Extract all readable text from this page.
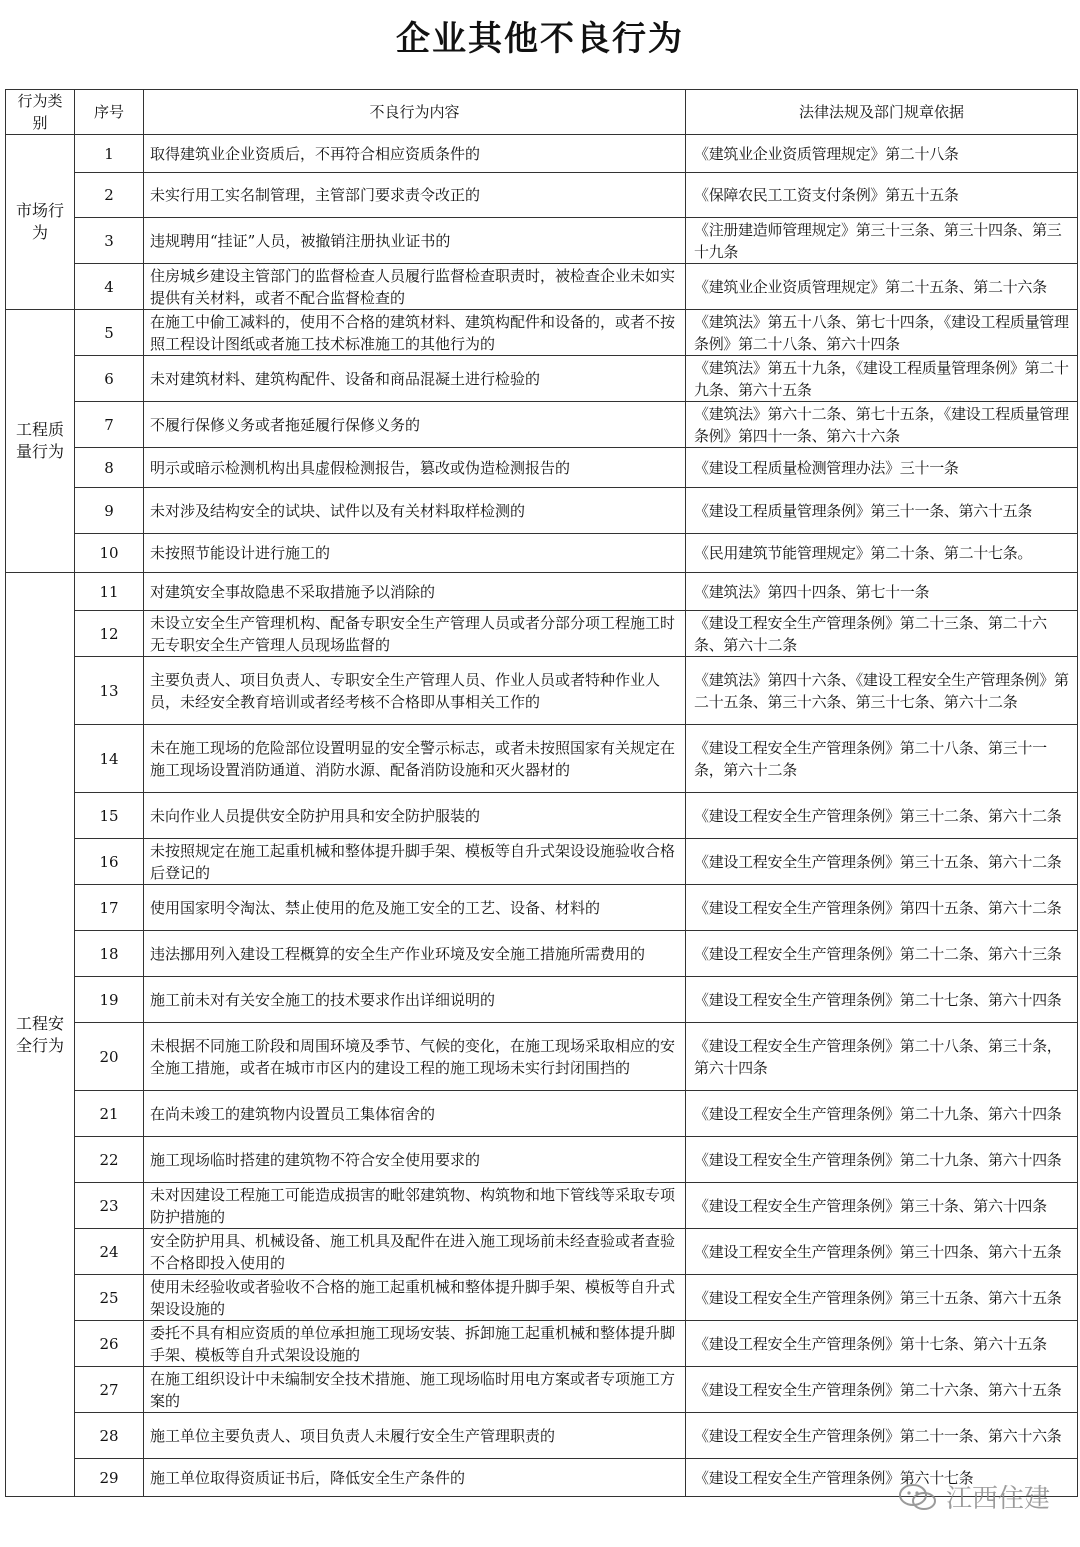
企业其他不良行为
行为类别	序号	不良行为内容	法律法规及部门规章依据
市场行为	1	取得建筑业企业资质后，不再符合相应资质条件的	《建筑业企业资质管理规定》第二十八条
	2	未实行用工实名制管理，主管部门要求责令改正的	《保障农民工工资支付条例》第五十五条
	3	违规聘用“挂证”人员，被撤销注册执业证书的	《注册建造师管理规定》第三十三条、第三十四条、第三十九条
	4	住房城乡建设主管部门的监督检查人员履行监督检查职责时，被检查企业未如实提供有关材料，或者不配合监督检查的	《建筑业企业资质管理规定》第二十五条、第二十六条
工程质量行为	5	在施工中偷工减料的，使用不合格的建筑材料、建筑构配件和设备的，或者不按照工程设计图纸或者施工技术标准施工的其他行为的	《建筑法》第五十八条、第七十四条，《建设工程质量管理条例》第二十八条、第六十四条
	6	未对建筑材料、建筑构配件、设备和商品混凝土进行检验的	《建筑法》第五十九条，《建设工程质量管理条例》第二十九条、第六十五条
	7	不履行保修义务或者拖延履行保修义务的	《建筑法》第六十二条、第七十五条，《建设工程质量管理条例》第四十一条、第六十六条
	8	明示或暗示检测机构出具虚假检测报告，篡改或伪造检测报告的	《建设工程质量检测管理办法》三十一条
	9	未对涉及结构安全的试块、试件以及有关材料取样检测的	《建设工程质量管理条例》第三十一条、第六十五条
	10	未按照节能设计进行施工的	《民用建筑节能管理规定》第二十条、第二十七条。
工程安全行为	11	对建筑安全事故隐患不采取措施予以消除的	《建筑法》第四十四条、第七十一条
	12	未设立安全生产管理机构、配备专职安全生产管理人员或者分部分项工程施工时无专职安全生产管理人员现场监督的	《建设工程安全生产管理条例》第二十三条、第二十六条、第六十二条
	13	主要负责人、项目负责人、专职安全生产管理人员、作业人员或者特种作业人员，未经安全教育培训或者经考核不合格即从事相关工作的	《建筑法》第四十六条、《建设工程安全生产管理条例》第二十五条、第三十六条、第三十七条、第六十二条
	14	未在施工现场的危险部位设置明显的安全警示标志，或者未按照国家有关规定在施工现场设置消防通道、消防水源、配备消防设施和灭火器材的	《建设工程安全生产管理条例》第二十八条、第三十一条，第六十二条
	15	未向作业人员提供安全防护用具和安全防护服装的	《建设工程安全生产管理条例》第三十二条、第六十二条
	16	未按照规定在施工起重机械和整体提升脚手架、模板等自升式架设设施验收合格后登记的	《建设工程安全生产管理条例》第三十五条、第六十二条
	17	使用国家明令淘汰、禁止使用的危及施工安全的工艺、设备、材料的	《建设工程安全生产管理条例》第四十五条、第六十二条
	18	违法挪用列入建设工程概算的安全生产作业环境及安全施工措施所需费用的	《建设工程安全生产管理条例》第二十二条、第六十三条
	19	施工前未对有关安全施工的技术要求作出详细说明的	《建设工程安全生产管理条例》第二十七条、第六十四条
	20	未根据不同施工阶段和周围环境及季节、气候的变化，在施工现场采取相应的安全施工措施，或者在城市市区内的建设工程的施工现场未实行封闭围挡的	《建设工程安全生产管理条例》第二十八条、第三十条，第六十四条
	21	在尚未竣工的建筑物内设置员工集体宿舍的	《建设工程安全生产管理条例》第二十九条、第六十四条
	22	施工现场临时搭建的建筑物不符合安全使用要求的	《建设工程安全生产管理条例》第二十九条、第六十四条
	23	未对因建设工程施工可能造成损害的毗邻建筑物、构筑物和地下管线等采取专项防护措施的	《建设工程安全生产管理条例》第三十条、第六十四条
	24	安全防护用具、机械设备、施工机具及配件在进入施工现场前未经查验或者查验不合格即投入使用的	《建设工程安全生产管理条例》第三十四条、第六十五条
	25	使用未经验收或者验收不合格的施工起重机械和整体提升脚手架、模板等自升式架设设施的	《建设工程安全生产管理条例》第三十五条、第六十五条
	26	委托不具有相应资质的单位承担施工现场安装、拆卸施工起重机械和整体提升脚手架、模板等自升式架设设施的	《建设工程安全生产管理条例》第十七条、第六十五条
	27	在施工组织设计中未编制安全技术措施、施工现场临时用电方案或者专项施工方案的	《建设工程安全生产管理条例》第二十六条、第六十五条
	28	施工单位主要负责人、项目负责人未履行安全生产管理职责的	《建设工程安全生产管理条例》第二十一条、第六十六条
	29	施工单位取得资质证书后，降低安全生产条件的	《建设工程安全生产管理条例》第六十七条
江西住建
